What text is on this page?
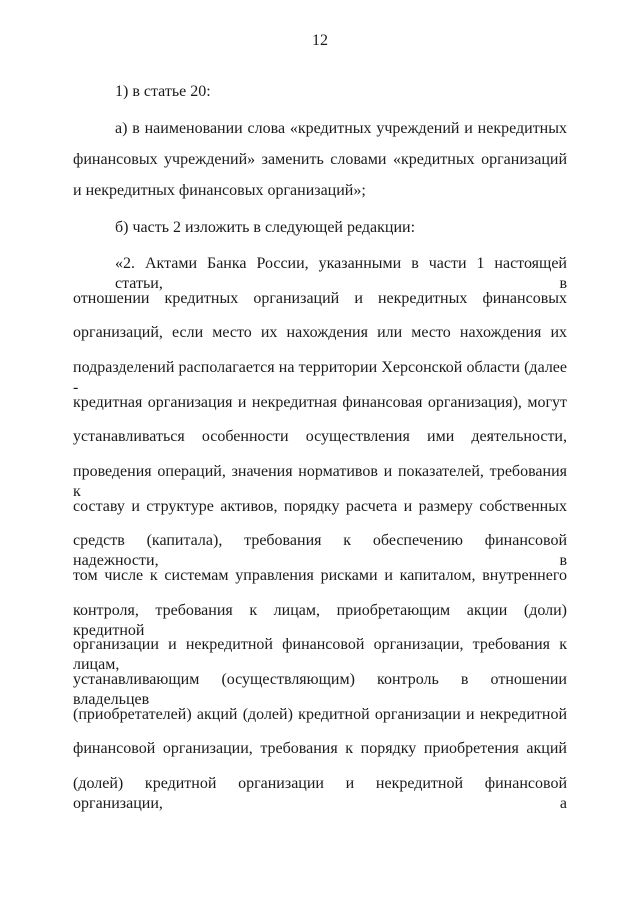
12
1) в статье 20:
а) в наименовании слова «кредитных учреждений и некредитных
финансовых учреждений» заменить словами «кредитных организаций
и некредитных финансовых организаций»;
б) часть 2 изложить в следующей редакции:
«2. Актами Банка России, указанными в части 1 настоящей статьи, в
отношении кредитных организаций и некредитных финансовых
организаций, если место их нахождения или место нахождения их
подразделений располагается на территории Херсонской области (далее -
кредитная организация и некредитная финансовая организация), могут
устанавливаться особенности осуществления ими деятельности,
проведения операций, значения нормативов и показателей, требования к
составу и структуре активов, порядку расчета и размеру собственных
средств (капитала), требования к обеспечению финансовой надежности, в
том числе к системам управления рисками и капиталом, внутреннего
контроля, требования к лицам, приобретающим акции (доли) кредитной
организации и некредитной финансовой организации, требования к лицам,
устанавливающим (осуществляющим) контроль в отношении владельцев
(приобретателей) акций (долей) кредитной организации и некредитной
финансовой организации, требования к порядку приобретения акций
(долей) кредитной организации и некредитной финансовой организации, а
